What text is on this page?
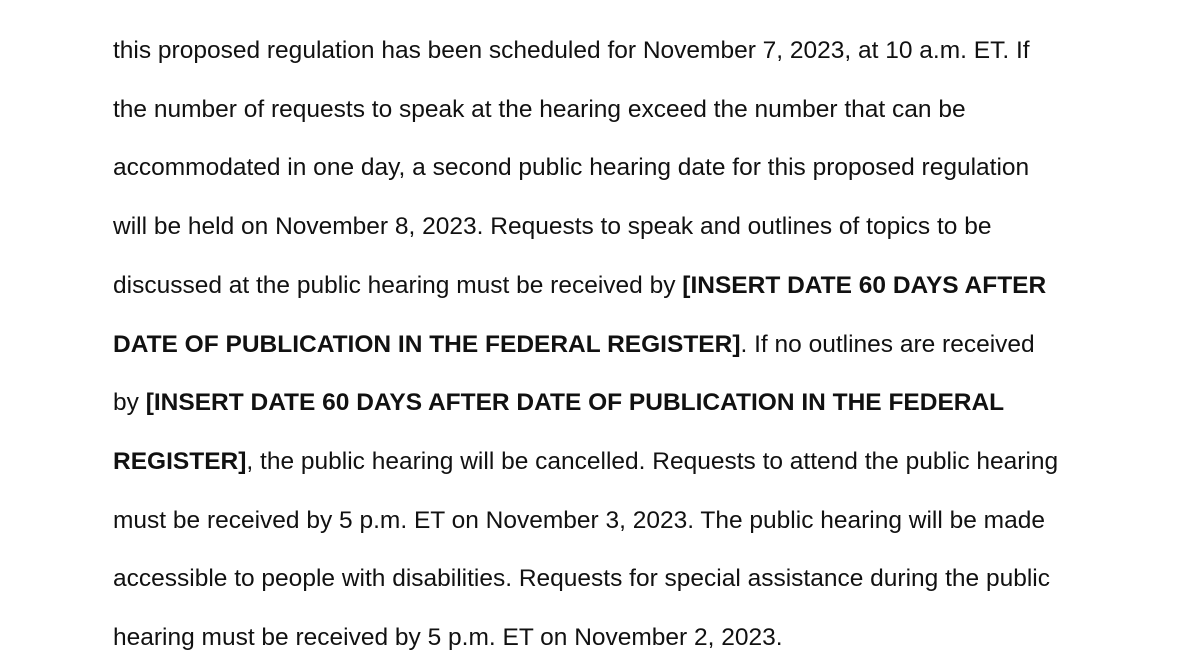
this proposed regulation has been scheduled for November 7, 2023, at 10 a.m. ET. If
the number of requests to speak at the hearing exceed the number that can be
accommodated in one day, a second public hearing date for this proposed regulation
will be held on November 8, 2023. Requests to speak and outlines of topics to be
discussed at the public hearing must be received by [INSERT DATE 60 DAYS AFTER
DATE OF PUBLICATION IN THE FEDERAL REGISTER]. If no outlines are received
by [INSERT DATE 60 DAYS AFTER DATE OF PUBLICATION IN THE FEDERAL
REGISTER], the public hearing will be cancelled. Requests to attend the public hearing
must be received by 5 p.m. ET on November 3, 2023. The public hearing will be made
accessible to people with disabilities. Requests for special assistance during the public
hearing must be received by 5 p.m. ET on November 2, 2023.
